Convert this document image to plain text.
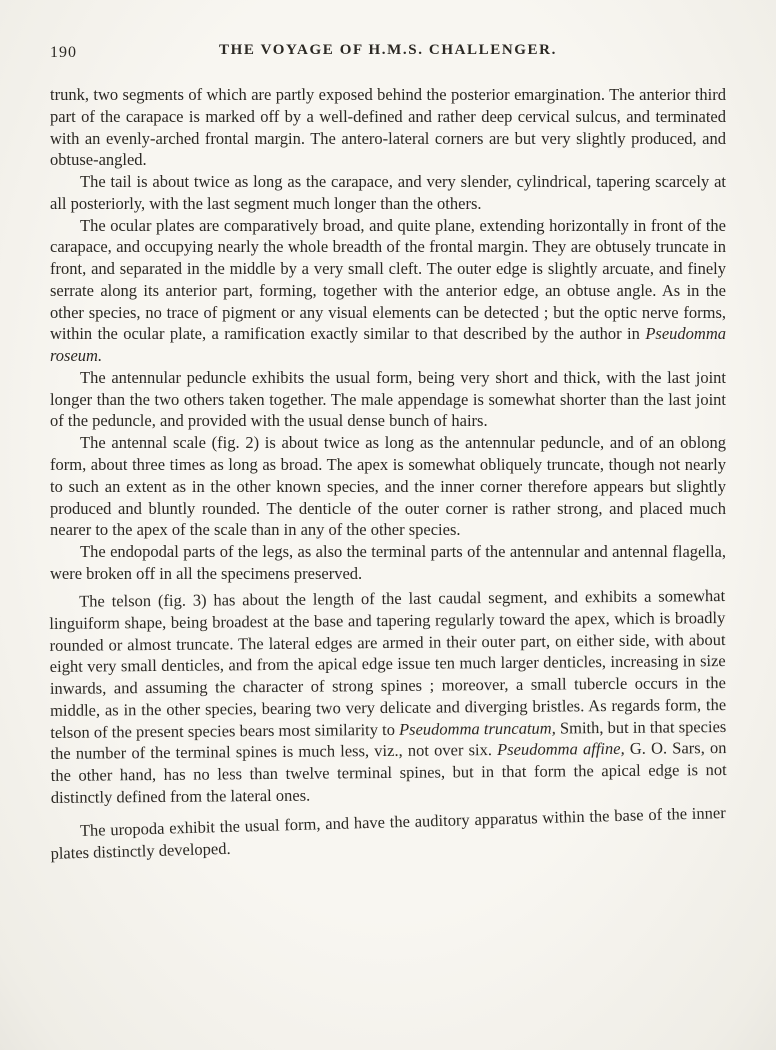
190	THE VOYAGE OF H.M.S. CHALLENGER.

trunk, two segments of which are partly exposed behind the posterior emargination. The anterior third part of the carapace is marked off by a well-defined and rather deep cervical sulcus, and terminated with an evenly-arched frontal margin. The antero-lateral corners are but very slightly produced, and obtuse-angled.

The tail is about twice as long as the carapace, and very slender, cylindrical, tapering scarcely at all posteriorly, with the last segment much longer than the others.

The ocular plates are comparatively broad, and quite plane, extending horizontally in front of the carapace, and occupying nearly the whole breadth of the frontal margin. They are obtusely truncate in front, and separated in the middle by a very small cleft. The outer edge is slightly arcuate, and finely serrate along its anterior part, forming, together with the anterior edge, an obtuse angle. As in the other species, no trace of pigment or any visual elements can be detected ; but the optic nerve forms, within the ocular plate, a ramification exactly similar to that described by the author in Pseudomma roseum.

The antennular peduncle exhibits the usual form, being very short and thick, with the last joint longer than the two others taken together. The male appendage is somewhat shorter than the last joint of the peduncle, and provided with the usual dense bunch of hairs.

The antennal scale (fig. 2) is about twice as long as the antennular peduncle, and of an oblong form, about three times as long as broad. The apex is somewhat obliquely truncate, though not nearly to such an extent as in the other known species, and the inner corner therefore appears but slightly produced and bluntly rounded. The denticle of the outer corner is rather strong, and placed much nearer to the apex of the scale than in any of the other species.

The endopodal parts of the legs, as also the terminal parts of the antennular and antennal flagella, were broken off in all the specimens preserved.

The telson (fig. 3) has about the length of the last caudal segment, and exhibits a somewhat linguiform shape, being broadest at the base and tapering regularly toward the apex, which is broadly rounded or almost truncate. The lateral edges are armed in their outer part, on either side, with about eight very small denticles, and from the apical edge issue ten much larger denticles, increasing in size inwards, and assuming the character of strong spines ; moreover, a small tubercle occurs in the middle, as in the other species, bearing two very delicate and diverging bristles. As regards form, the telson of the present species bears most similarity to Pseudomma truncatum, Smith, but in that species the number of the terminal spines is much less, viz., not over six. Pseudomma affine, G. O. Sars, on the other hand, has no less than twelve terminal spines, but in that form the apical edge is not distinctly defined from the lateral ones.

The uropoda exhibit the usual form, and have the auditory apparatus within the base of the inner plates distinctly developed.
